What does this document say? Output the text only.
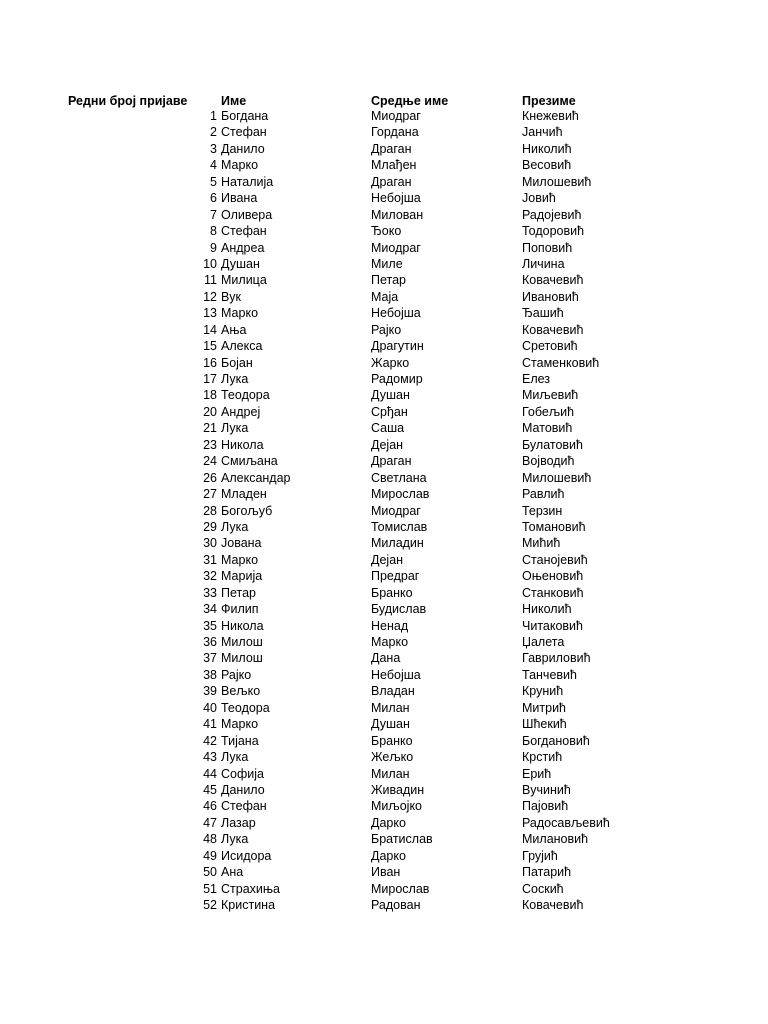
Редни број пријаве	Име	Средње име	Презиме
1 Богдана	Миодраг	Кнежевић
2 Стефан	Гордана	Јанчић
3 Данило	Драган	Николић
4 Марко	Млађен	Весовић
5 Наталија	Драган	Милошевић
6 Ивана	Небојша	Јовић
7 Оливера	Милован	Радојевић
8 Стефан	Ђоко	Тодоровић
9 Андреа	Миодраг	Поповић
10 Душан	Миле	Личина
11 Милица	Петар	Ковачевић
12 Вук	Маја	Ивановић
13 Марко	Небојша	Ђашић
14 Ања	Рајко	Ковачевић
15 Алекса	Драгутин	Сретовић
16 Бојан	Жарко	Стаменковић
17 Лука	Радомир	Елез
18 Теодора	Душан	Миљевић
20 Андреј	Срђан	Гобељић
21 Лука	Саша	Матовић
23 Никола	Дејан	Булатовић
24 Смиљана	Драган	Војводић
26 Александар	Светлана	Милошевић
27 Младен	Мирослав	Равлић
28 Богољуб	Миодраг	Терзин
29 Лука	Томислав	Томановић
30 Јована	Миладин	Мићић
31 Марко	Дејан	Станојевић
32 Марија	Предраг	Оњеновић
33 Петар	Бранко	Станковић
34 Филип	Будислав	Николић
35 Никола	Ненад	Читаковић
36 Милош	Марко	Џалета
37 Милош	Дана	Гавриловић
38 Рајко	Небојша	Танчевић
39 Вељко	Владан	Крунић
40 Теодора	Милан	Митрић
41 Марко	Душан	Шћекић
42 Тијана	Бранко	Богдановић
43 Лука	Жељко	Крстић
44 Софија	Милан	Ерић
45 Данило	Живадин	Вучинић
46 Стефан	Миљојко	Пајовић
47 Лазар	Дарко	Радосављевић
48 Лука	Братислав	Милановић
49 Исидора	Дарко	Грујић
50 Ана	Иван	Патарић
51 Страхиња	Мирослав	Соскић
52 Кристина	Радован	Ковачевић
